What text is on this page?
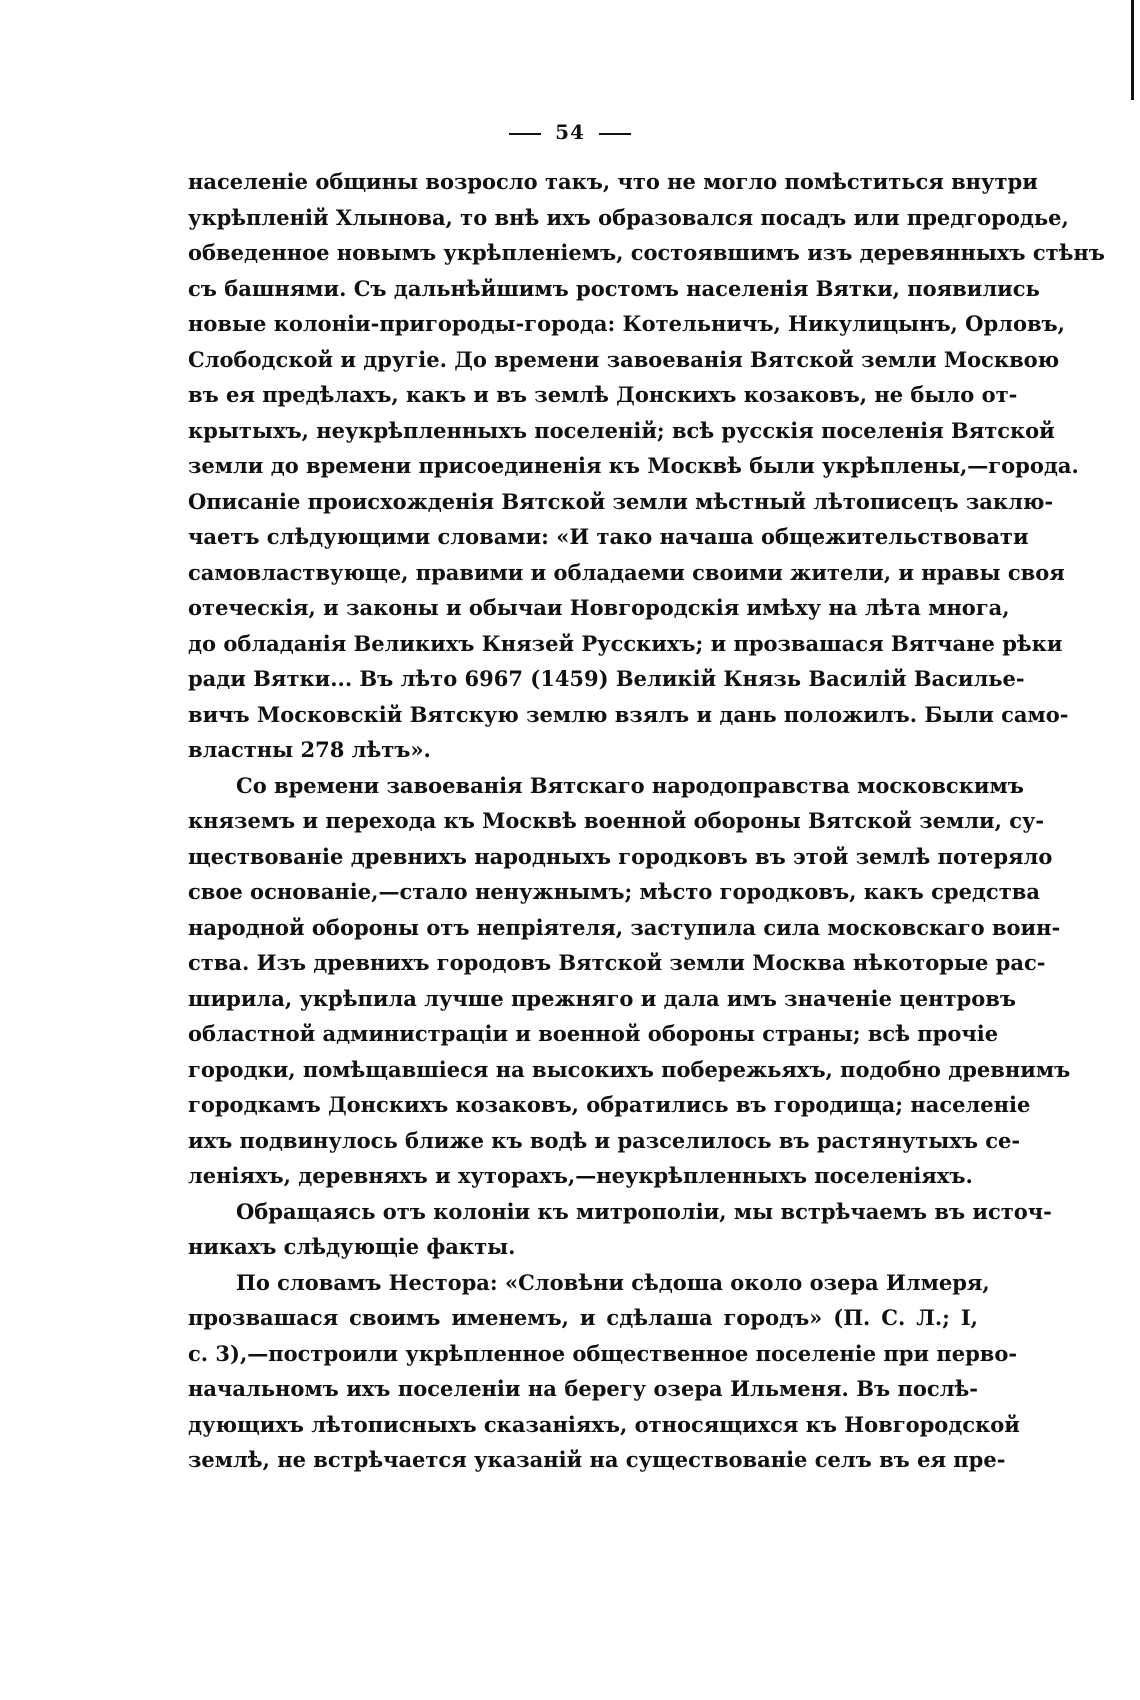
54
населеніе общины возросло такъ, что не могло помѣститься внутри
укрѣпленій Хлынова, то внѣ ихъ образовался посадъ или предгородье,
обведенное новымъ укрѣпленіемъ, состоявшимъ изъ деревянныхъ стѣнъ
съ башнями. Съ дальнѣйшимъ ростомъ населенія Вятки, появились
новые колоніи-пригороды-города: Котельничъ, Никулицынъ, Орловъ,
Слободской и другіе. До времени завоеванія Вятской земли Москвою
въ ея предѣлахъ, какъ и въ землѣ Донскихъ козаковъ, не было от-
крытыхъ, неукрѣпленныхъ поселеній; всѣ русскія поселенія Вятской
земли до времени присоединенія къ Москвѣ были укрѣплены,—города.
Описаніе происхожденія Вятской земли мѣстный лѣтописецъ заклю-
чаетъ слѣдующими словами: «И тако начаша общежительствовати
самовластвующе, правими и обладаеми своими жители, и нравы своя
отеческія, и законы и обычаи Новгородскія имѣху на лѣта многа,
до обладанія Великихъ Князей Русскихъ; и прозвашася Вятчане рѣки
ради Вятки... Въ лѣто 6967 (1459) Великій Князь Василій Василье-
вичъ Московскій Вятскую землю взялъ и дань положилъ. Были само-
властны 278 лѣтъ».
Со времени завоеванія Вятскаго народоправства московскимъ
княземъ и перехода къ Москвѣ военной обороны Вятской земли, су-
ществованіе древнихъ народныхъ городковъ въ этой землѣ потеряло
свое основаніе,—стало ненужнымъ; мѣсто городковъ, какъ средства
народной обороны отъ непріятеля, заступила сила московскаго воин-
ства. Изъ древнихъ городовъ Вятской земли Москва нѣкоторые рас-
ширила, укрѣпила лучше прежняго и дала имъ значеніе центровъ
областной администраціи и военной обороны страны; всѣ прочіе
городки, помѣщавшіеся на высокихъ побережьяхъ, подобно древнимъ
городкамъ Донскихъ козаковъ, обратились въ городища; населеніе
ихъ подвинулось ближе къ водѣ и разселилось въ растянутыхъ се-
леніяхъ, деревняхъ и хуторахъ,—неукрѣпленныхъ поселеніяхъ.
Обращаясь отъ колоніи къ митрополіи, мы встрѣчаемъ въ источ-
никахъ слѣдующіе факты.
По словамъ Нестора: «Словѣни сѣдоша около озера Илмеря,
прозвашася своимъ именемъ, и сдѣлаша городъ» (П. С. Л.; I,
с. 3),—построили укрѣпленное общественное поселеніе при перво-
начальномъ ихъ поселеніи на берегу озера Ильменя. Въ послѣ-
дующихъ лѣтописныхъ сказаніяхъ, относящихся къ Новгородской
землѣ, не встрѣчается указаній на существованіе селъ въ ея пре-
